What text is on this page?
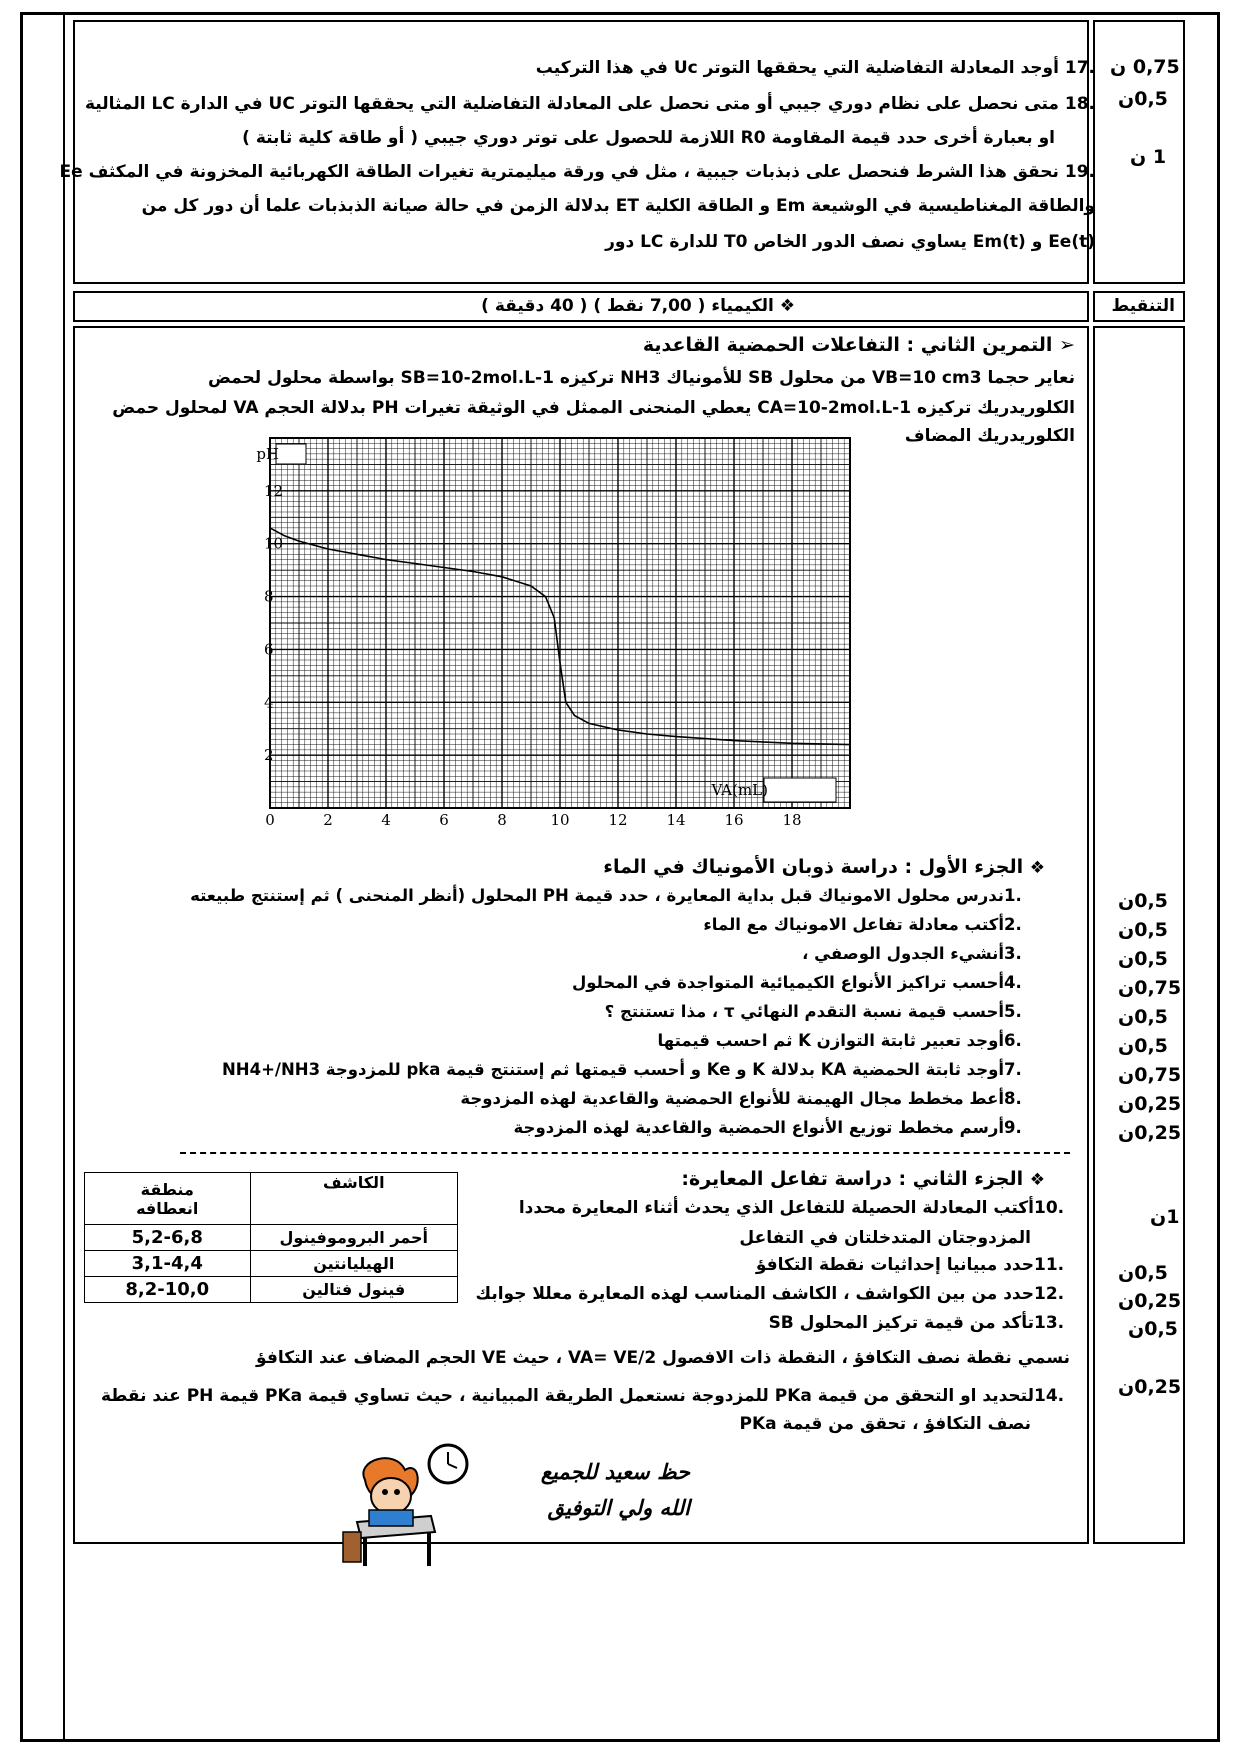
.17 أوجد المعادلة التفاضلية التي يحققها التوتر Uc في هذا التركيب
.18 متى نحصل على نظام دوري جيبي أو متى نحصل على المعادلة التفاضلية التي يحققها التوتر UC في الدارة LC المثالية
او بعبارة أخرى حدد قيمة المقاومة R0 اللازمة للحصول على توتر دوري جيبي ( أو طاقة كلية ثابتة )
.19 نحقق هذا الشرط فنحصل على ذبذبات جيبية ، مثل في ورقة ميليمترية تغيرات الطاقة الكهربائية المخزونة في المكثف Ee
والطاقة المغناطيسية في الوشيعة Em و الطاقة الكلية ET بدلالة الزمن في حالة صيانة الذبذبات علما أن دور كل من
Ee(t) و Em(t) يساوي نصف الدور الخاص T0 للدارة LC دور
0,75 ن
0,5ن
1 ن
التنقيط
❖ الكيمياء ( 7,00 نقط ) ( 40 دقيقة )
➢ التمرين الثاني : التفاعلات الحمضية القاعدية
نعاير حجما VB=10 cm3 من محلول SB للأمونياك NH3 تركيزه SB=10-2mol.L-1 بواسطة محلول لحمض
الكلوريدريك تركيزه CA=10-2mol.L-1 يعطي المنحنى الممثل في الوثيقة تغيرات PH بدلالة الحجم VA لمحلول حمض
الكلوريدريك المضاف
2
4
6
8
10
12
0	2	4	6	8	10	12	14	16	18
pH
VA(mL)
❖ الجزء الأول : دراسة ذوبان الأمونياك في الماء
.1ندرس محلول الامونياك قبل بداية المعايرة ، حدد قيمة PH المحلول (أنظر المنحنى ) ثم إستنتج طبيعته
.2أكتب معادلة تفاعل الامونياك مع الماء
.3أنشيء الجدول الوصفي ،
.4أحسب تراكيز الأنواع الكيميائية المتواجدة في المحلول
.5أحسب قيمة نسبة التقدم النهائي τ ، مذا تستنتج ؟
.6أوجد تعبير ثابتة التوازن K ثم احسب قيمتها
.7أوجد ثابتة الحمضية KA بدلالة K و Ke و أحسب قيمتها ثم إستنتج قيمة pka للمزدوجة NH4+/NH3
.8أعط مخطط مجال الهيمنة للأنواع الحمضية والقاعدية لهذه المزدوجة
.9أرسم مخطط توزيع الأنواع الحمضية والقاعدية لهذه المزدوجة
0,5ن
0,5ن
0,5ن
0,75ن
0,5ن
0,5ن
0,75ن
0,25ن
0,25ن
❖ الجزء الثاني : دراسة تفاعل المعايرة:
.10أكتب المعادلة الحصيلة للتفاعل الذي يحدث أثناء المعايرة محددا
المزدوجتان المتدخلتان في التفاعل
.11حدد مبيانيا إحداثيات نقطة التكافؤ
.12حدد من بين الكواشف ، الكاشف المناسب لهذه المعايرة معللا جوابك
.13تأكد من قيمة تركيز المحلول SB
نسمي نقطة نصف التكافؤ ، النقطة ذات الافصول VA= VE/2 ، حيث VE الحجم المضاف عند التكافؤ
.14لتحديد او التحقق من قيمة PKa للمزدوجة نستعمل الطريقة المبيانية ، حيث تساوي قيمة PKa قيمة PH عند نقطة
نصف التكافؤ ، تحقق من قيمة PKa
1ن
0,5ن
0,25ن
0,5ن
0,25ن
الكاشف	منطقة
انعطافه

أحمر البروموفينول	5,2-6,8
الهيليانتين	3,1-4,4
فينول فتالين	8,2-10,0
حظ سعيد للجميع
الله ولي التوفيق
